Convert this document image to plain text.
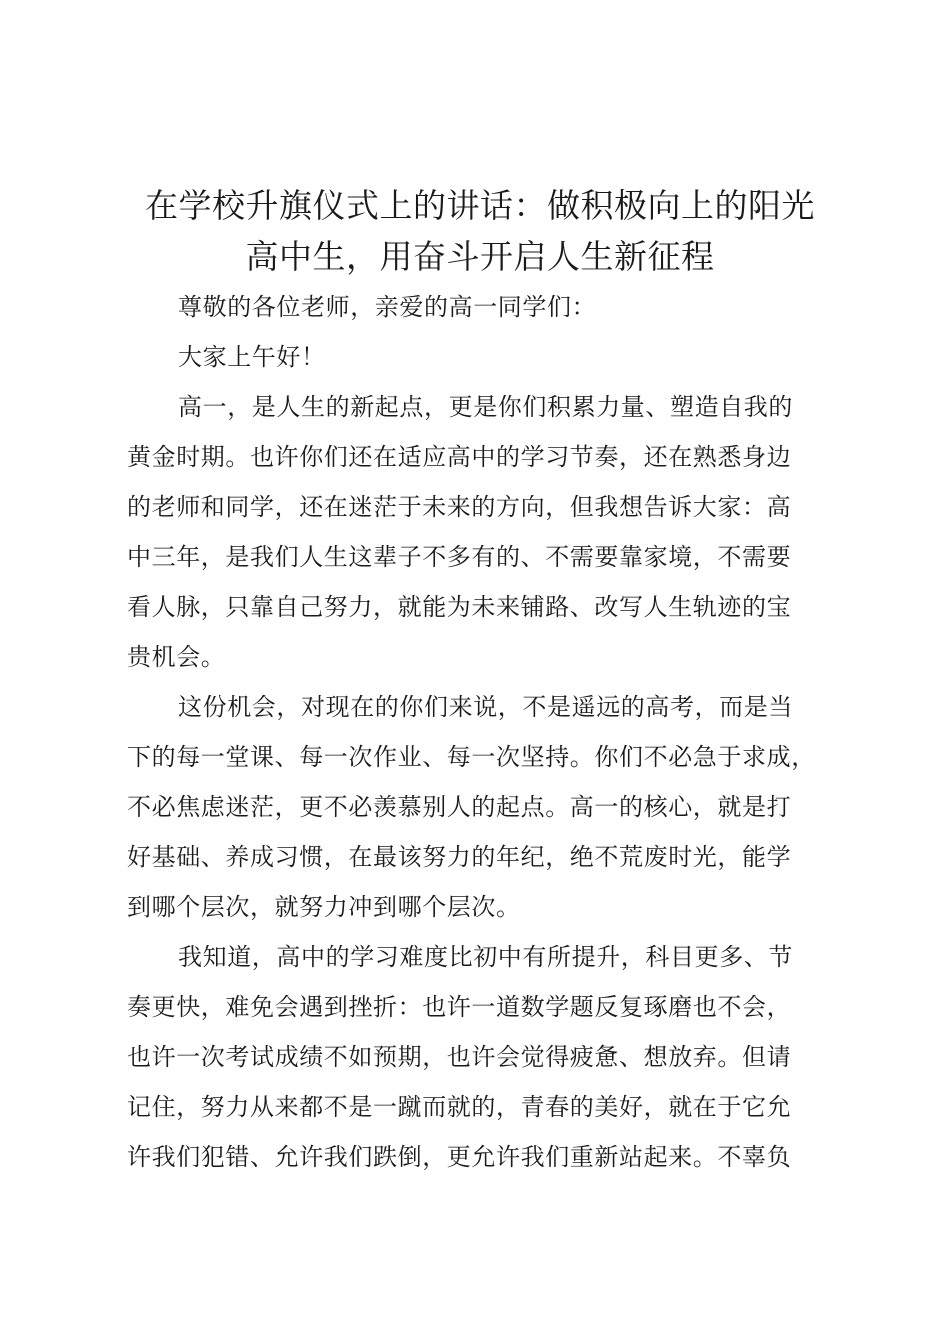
在学校升旗仪式上的讲话：做积极向上的阳光
高中生，用奋斗开启人生新征程

尊敬的各位老师，亲爱的高一同学们：

大家上午好！

高一，是人生的新起点，更是你们积累力量、塑造自我的
黄金时期。也许你们还在适应高中的学习节奏，还在熟悉身边
的老师和同学，还在迷茫于未来的方向，但我想告诉大家：高
中三年，是我们人生这辈子不多有的、不需要靠家境，不需要
看人脉，只靠自己努力，就能为未来铺路、改写人生轨迹的宝
贵机会。

这份机会，对现在的你们来说，不是遥远的高考，而是当
下的每一堂课、每一次作业、每一次坚持。你们不必急于求成，
不必焦虑迷茫，更不必羡慕别人的起点。高一的核心，就是打
好基础、养成习惯，在最该努力的年纪，绝不荒废时光，能学
到哪个层次，就努力冲到哪个层次。

我知道，高中的学习难度比初中有所提升，科目更多、节
奏更快，难免会遇到挫折：也许一道数学题反复琢磨也不会，
也许一次考试成绩不如预期，也许会觉得疲惫、想放弃。但请
记住，努力从来都不是一蹴而就的，青春的美好，就在于它允
许我们犯错、允许我们跌倒，更允许我们重新站起来。不辜负
